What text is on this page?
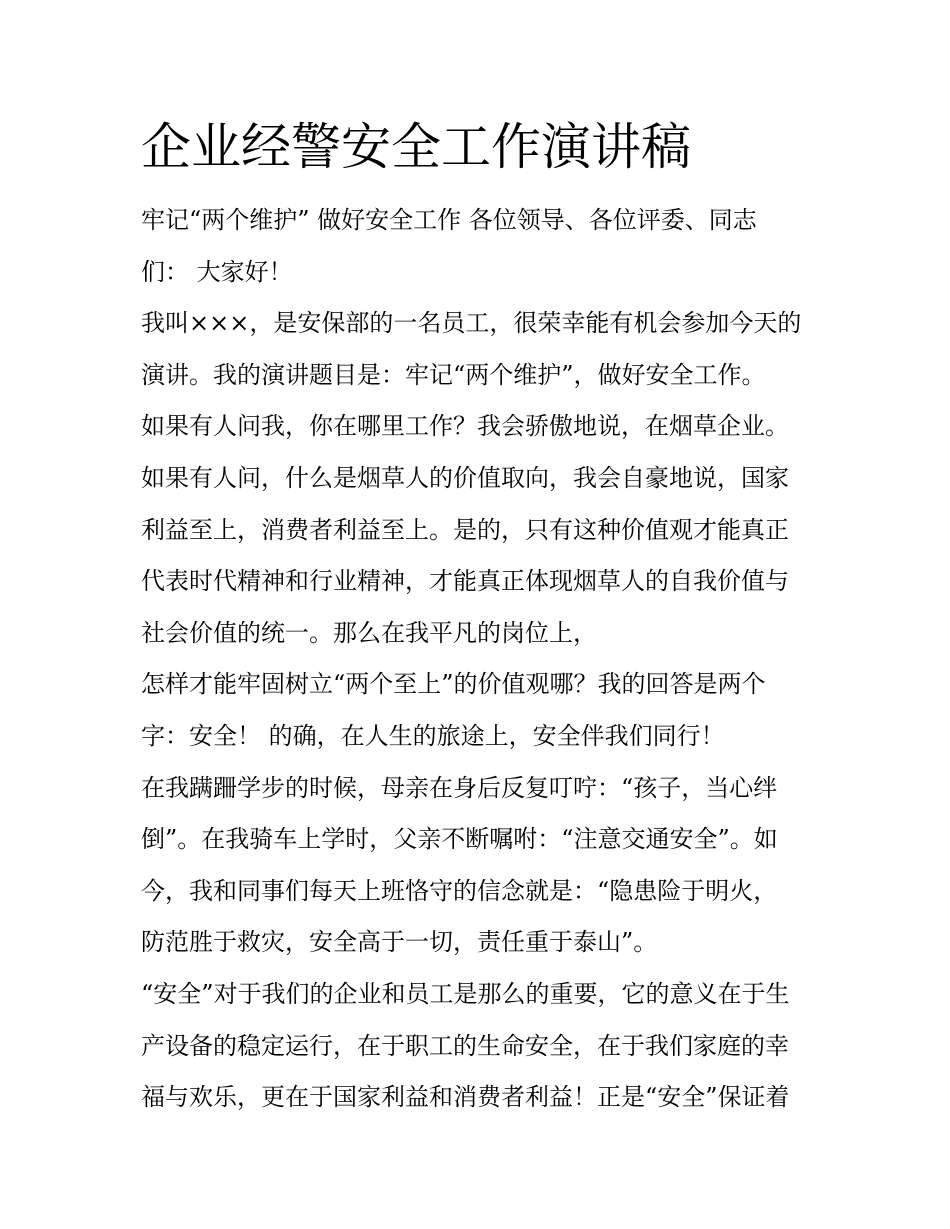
企业经警安全工作演讲稿
牢记“两个维护” 做好安全工作 各位领导、各位评委、同志
们： 大家好！
我叫×××，是安保部的一名员工，很荣幸能有机会参加今天的
演讲。我的演讲题目是：牢记“两个维护”，做好安全工作。
如果有人问我，你在哪里工作？我会骄傲地说，在烟草企业。
如果有人问，什么是烟草人的价值取向，我会自豪地说，国家
利益至上，消费者利益至上。是的，只有这种价值观才能真正
代表时代精神和行业精神，才能真正体现烟草人的自我价值与
社会价值的统一。那么在我平凡的岗位上，
怎样才能牢固树立“两个至上”的价值观哪？我的回答是两个
字：安全！ 的确，在人生的旅途上，安全伴我们同行！
在我蹒跚学步的时候，母亲在身后反复叮咛：“孩子，当心绊
倒”。在我骑车上学时，父亲不断嘱咐：“注意交通安全”。如
今，我和同事们每天上班恪守的信念就是：“隐患险于明火，
防范胜于救灾，安全高于一切，责任重于泰山”。
“安全”对于我们的企业和员工是那么的重要，它的意义在于生
产设备的稳定运行，在于职工的生命安全，在于我们家庭的幸
福与欢乐，更在于国家利益和消费者利益！正是“安全”保证着
